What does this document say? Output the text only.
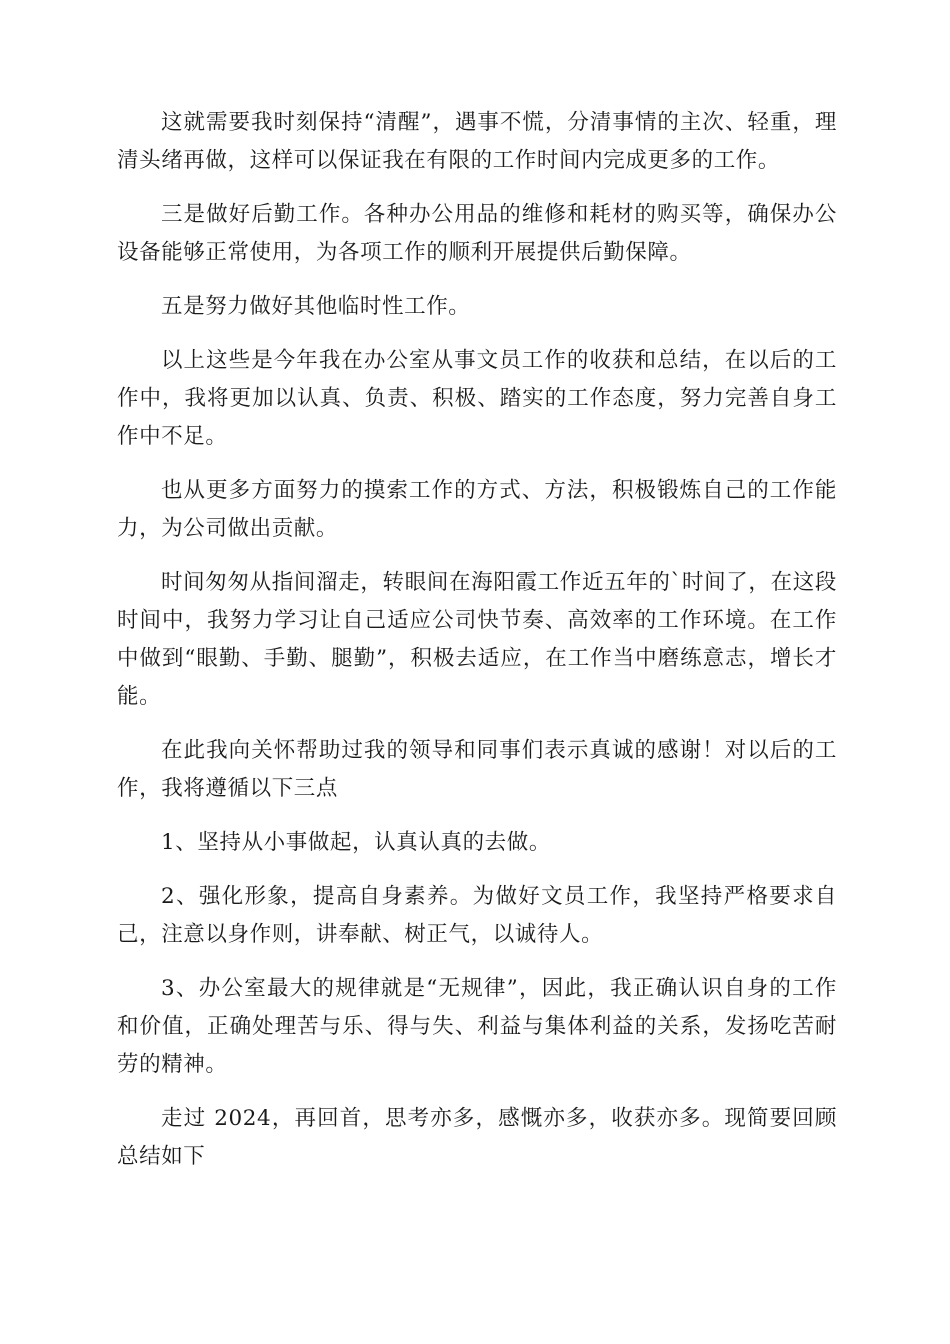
这就需要我时刻保持“清醒”，遇事不慌，分清事情的主次、轻重，理清头绪再做，这样可以保证我在有限的工作时间内完成更多的工作。

三是做好后勤工作。各种办公用品的维修和耗材的购买等，确保办公设备能够正常使用，为各项工作的顺利开展提供后勤保障。

五是努力做好其他临时性工作。

以上这些是今年我在办公室从事文员工作的收获和总结，在以后的工作中，我将更加以认真、负责、积极、踏实的工作态度，努力完善自身工作中不足。

也从更多方面努力的摸索工作的方式、方法，积极锻炼自己的工作能力，为公司做出贡献。

时间匆匆从指间溜走，转眼间在海阳霞工作近五年的`时间了，在这段时间中，我努力学习让自己适应公司快节奏、高效率的工作环境。在工作中做到“眼勤、手勤、腿勤”，积极去适应，在工作当中磨练意志，增长才能。

在此我向关怀帮助过我的领导和同事们表示真诚的感谢！对以后的工作，我将遵循以下三点

1、坚持从小事做起，认真认真的去做。

2、强化形象，提高自身素养。为做好文员工作，我坚持严格要求自己，注意以身作则，讲奉献、树正气，以诚待人。

3、办公室最大的规律就是“无规律”，因此，我正确认识自身的工作和价值，正确处理苦与乐、得与失、利益与集体利益的关系，发扬吃苦耐劳的精神。

走过 2024，再回首，思考亦多，感慨亦多，收获亦多。现简要回顾总结如下
